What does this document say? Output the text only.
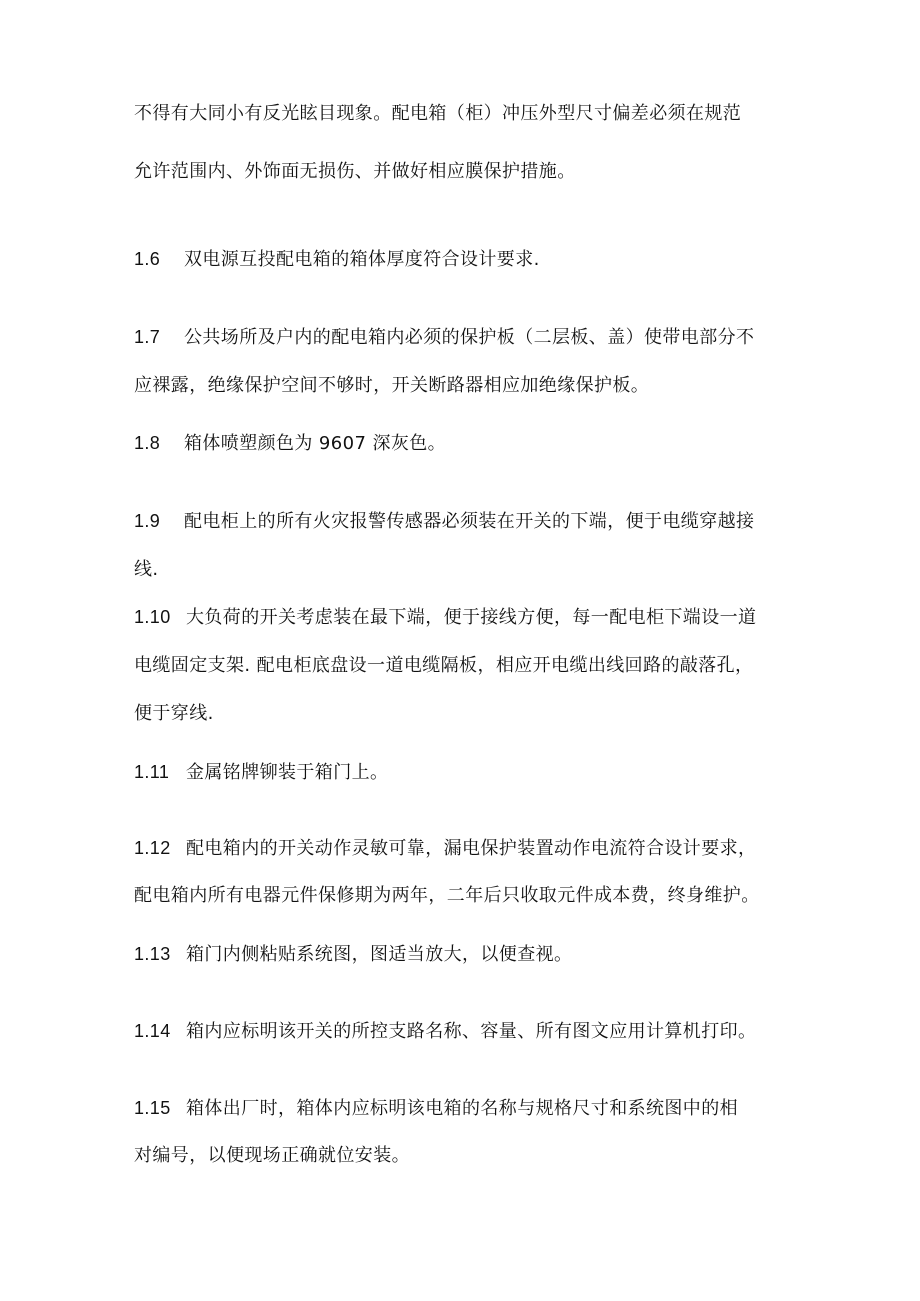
不得有大同小有反光眩目现象。配电箱（柜）冲压外型尺寸偏差必须在规范
允许范围内、外饰面无损伤、并做好相应膜保护措施。
1.6 双电源互投配电箱的箱体厚度符合设计要求.
1.7 公共场所及户内的配电箱内必须的保护板（二层板、盖）使带电部分不
应裸露，绝缘保护空间不够时，开关断路器相应加绝缘保护板。
1.8 箱体喷塑颜色为 9607 深灰色。
1.9 配电柜上的所有火灾报警传感器必须装在开关的下端，便于电缆穿越接
线.
1.10 大负荷的开关考虑装在最下端，便于接线方便，每一配电柜下端设一道
电缆固定支架. 配电柜底盘设一道电缆隔板，相应开电缆出线回路的敲落孔，
便于穿线.
1.11 金属铭牌铆装于箱门上。
1.12 配电箱内的开关动作灵敏可靠，漏电保护装置动作电流符合设计要求，
配电箱内所有电器元件保修期为两年，二年后只收取元件成本费，终身维护。
1.13 箱门内侧粘贴系统图，图适当放大，以便查视。
1.14 箱内应标明该开关的所控支路名称、容量、所有图文应用计算机打印。
1.15 箱体出厂时，箱体内应标明该电箱的名称与规格尺寸和系统图中的相
对编号，以便现场正确就位安装。
